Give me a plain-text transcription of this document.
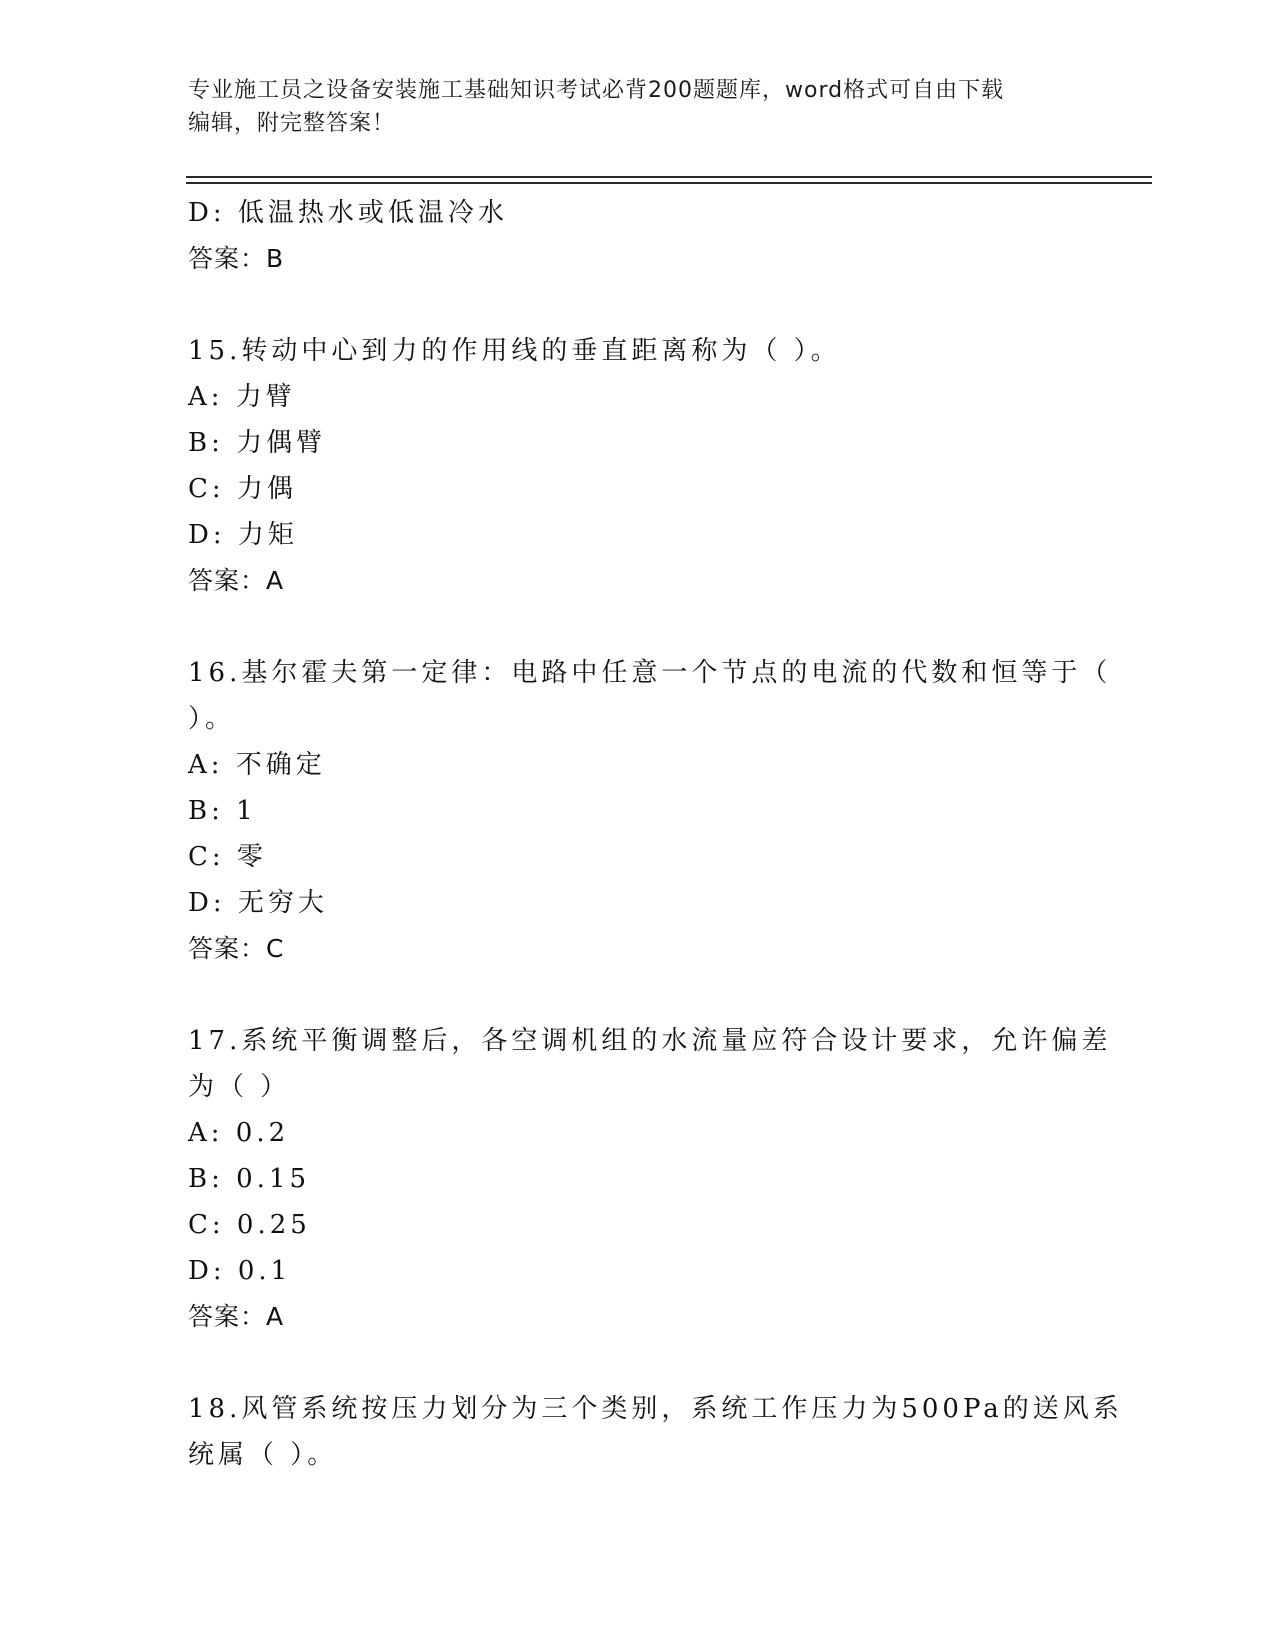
专业施工员之设备安装施工基础知识考试必背200题题库，word格式可自由下载
编辑，附完整答案！
D: 低温热水或低温冷水
答案：B
15.转动中心到力的作用线的垂直距离称为（ ）。
A: 力臂
B: 力偶臂
C: 力偶
D: 力矩
答案：A
16.基尔霍夫第一定律：电路中任意一个节点的电流的代数和恒等于（
）。
A: 不确定
B: 1
C: 零
D: 无穷大
答案：C
17.系统平衡调整后，各空调机组的水流量应符合设计要求，允许偏差
为（ ）
A: 0.2
B: 0.15
C: 0.25
D: 0.1
答案：A
18.风管系统按压力划分为三个类别，系统工作压力为500Pa的送风系
统属（ ）。
